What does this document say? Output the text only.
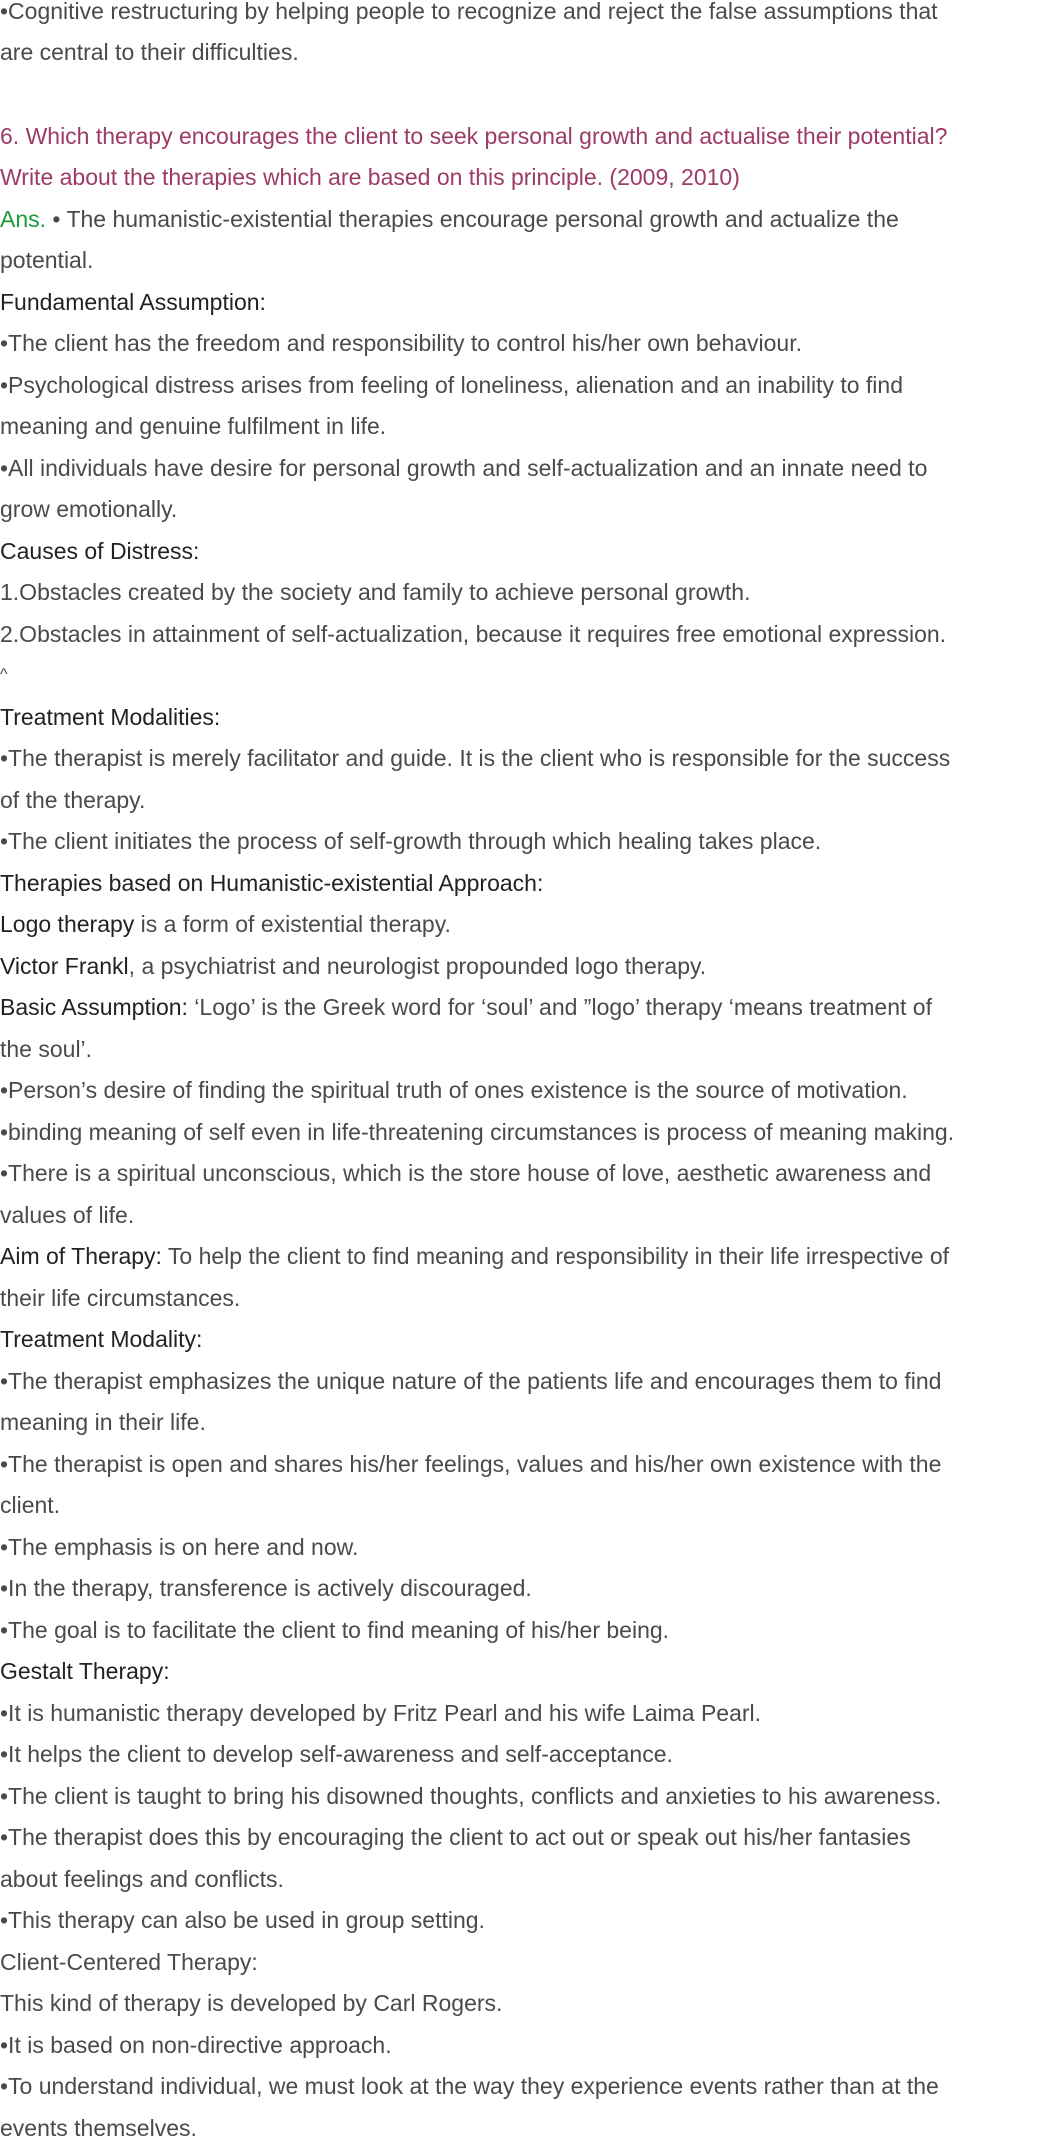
•Cognitive restructuring by helping people to recognize and reject the false assumptions that
are central to their difficulties.
6. Which therapy encourages the client to seek personal growth and actualise their potential?
Write about the therapies which are based on this principle. (2009, 2010)
Ans. • The humanistic-existential therapies encourage personal growth and actualize the
potential.
Fundamental Assumption:
•The client has the freedom and responsibility to control his/her own behaviour.
•Psychological distress arises from feeling of loneliness, alienation and an inability to find
meaning and genuine fulfilment in life.
•All individuals have desire for personal growth and self-actualization and an innate need to
grow emotionally.
Causes of Distress:
1.Obstacles created by the society and family to achieve personal growth.
2.Obstacles in attainment of self-actualization, because it requires free emotional expression.
^
Treatment Modalities:
•The therapist is merely facilitator and guide. It is the client who is responsible for the success
of the therapy.
•The client initiates the process of self-growth through which healing takes place.
Therapies based on Humanistic-existential Approach:
Logo therapy is a form of existential therapy.
Victor Frankl, a psychiatrist and neurologist propounded logo therapy.
Basic Assumption: ‘Logo’ is the Greek word for ‘soul’ and ”logo’ therapy ‘means treatment of
the soul’.
•Person’s desire of finding the spiritual truth of ones existence is the source of motivation.
•binding meaning of self even in life-threatening circumstances is process of meaning making.
•There is a spiritual unconscious, which is the store house of love, aesthetic awareness and
values of life.
Aim of Therapy: To help the client to find meaning and responsibility in their life irrespective of
their life circumstances.
Treatment Modality:
•The therapist emphasizes the unique nature of the patients life and encourages them to find
meaning in their life.
•The therapist is open and shares his/her feelings, values and his/her own existence with the
client.
•The emphasis is on here and now.
•In the therapy, transference is actively discouraged.
•The goal is to facilitate the client to find meaning of his/her being.
Gestalt Therapy:
•It is humanistic therapy developed by Fritz Pearl and his wife Laima Pearl.
•It helps the client to develop self-awareness and self-acceptance.
•The client is taught to bring his disowned thoughts, conflicts and anxieties to his awareness.
•The therapist does this by encouraging the client to act out or speak out his/her fantasies
about feelings and conflicts.
•This therapy can also be used in group setting.
Client-Centered Therapy:
This kind of therapy is developed by Carl Rogers.
•It is based on non-directive approach.
•To understand individual, we must look at the way they experience events rather than at the
events themselves.
